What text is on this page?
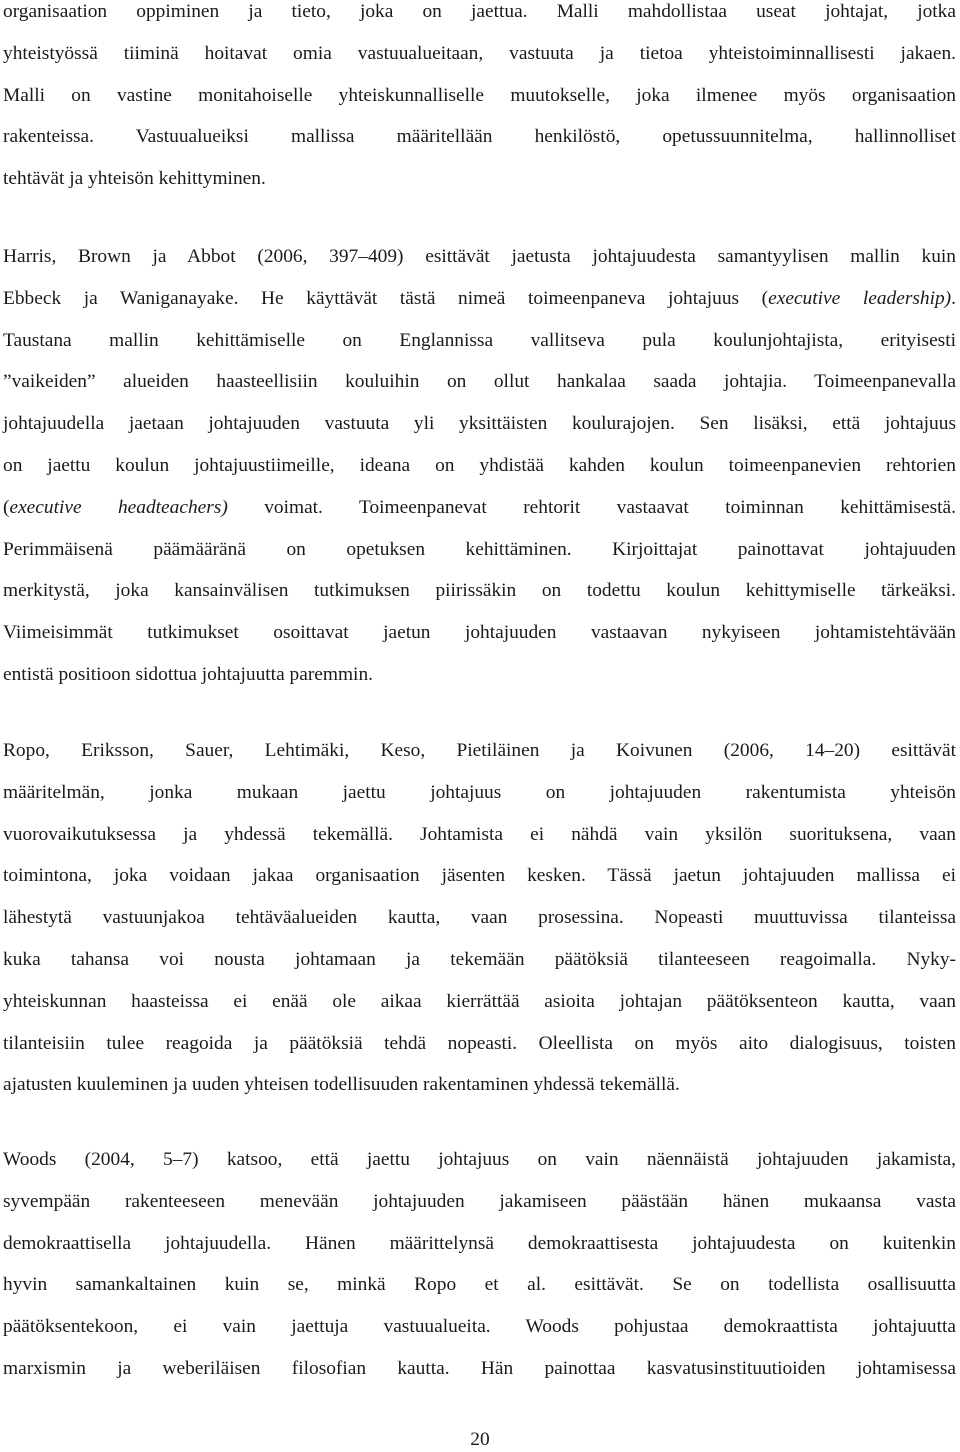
organisaation oppiminen ja tieto, joka on jaettua. Malli mahdollistaa useat johtajat, jotka
yhteistyössä tiiminä hoitavat omia vastuualueitaan, vastuuta ja tietoa yhteistoiminnallisesti jakaen.
Malli on vastine monitahoiselle yhteiskunnalliselle muutokselle, joka ilmenee myös organisaation
rakenteissa. Vastuualueiksi mallissa määritellään henkilöstö, opetussuunnitelma, hallinnolliset
tehtävät ja yhteisön kehittyminen.
Harris, Brown ja Abbot (2006, 397–409) esittävät jaetusta johtajuudesta samantyylisen mallin kuin
Ebbeck ja Waniganayake. He käyttävät tästä nimeä toimeenpaneva johtajuus (executive leadership).
Taustana mallin kehittämiselle on Englannissa vallitseva pula koulunjohtajista, erityisesti
”vaikeiden” alueiden haasteellisiin kouluihin on ollut hankalaa saada johtajia. Toimeenpanevalla
johtajuudella jaetaan johtajuuden vastuuta yli yksittäisten koulurajojen. Sen lisäksi, että johtajuus
on jaettu koulun johtajuustiimeille, ideana on yhdistää kahden koulun toimeenpanevien rehtorien
(executive headteachers) voimat. Toimeenpanevat rehtorit vastaavat toiminnan kehittämisestä.
Perimmäisenä päämääränä on opetuksen kehittäminen. Kirjoittajat painottavat johtajuuden
merkitystä, joka kansainvälisen tutkimuksen piirissäkin on todettu koulun kehittymiselle tärkeäksi.
Viimeisimmät tutkimukset osoittavat jaetun johtajuuden vastaavan nykyiseen johtamistehtävään
entistä positioon sidottua johtajuutta paremmin.
Ropo, Eriksson, Sauer, Lehtimäki, Keso, Pietiläinen ja Koivunen (2006, 14–20) esittävät
määritelmän, jonka mukaan jaettu johtajuus on johtajuuden rakentumista yhteisön
vuorovaikutuksessa ja yhdessä tekemällä. Johtamista ei nähdä vain yksilön suorituksena, vaan
toimintona, joka voidaan jakaa organisaation jäsenten kesken. Tässä jaetun johtajuuden mallissa ei
lähestytä vastuunjakoa tehtäväalueiden kautta, vaan prosessina. Nopeasti muuttuvissa tilanteissa
kuka tahansa voi nousta johtamaan ja tekemään päätöksiä tilanteeseen reagoimalla. Nyky-
yhteiskunnan haasteissa ei enää ole aikaa kierrättää asioita johtajan päätöksenteon kautta, vaan
tilanteisiin tulee reagoida ja päätöksiä tehdä nopeasti. Oleellista on myös aito dialogisuus, toisten
ajatusten kuuleminen ja uuden yhteisen todellisuuden rakentaminen yhdessä tekemällä.
Woods (2004, 5–7) katsoo, että jaettu johtajuus on vain näennäistä johtajuuden jakamista,
syvempään rakenteeseen menevään johtajuuden jakamiseen päästään hänen mukaansa vasta
demokraattisella johtajuudella. Hänen määrittelynsä demokraattisesta johtajuudesta on kuitenkin
hyvin samankaltainen kuin se, minkä Ropo et al. esittävät. Se on todellista osallisuutta
päätöksentekoon, ei vain jaettuja vastuualueita. Woods pohjustaa demokraattista johtajuutta
marxismin ja weberiläisen filosofian kautta. Hän painottaa kasvatusinstituutioiden johtamisessa
20
